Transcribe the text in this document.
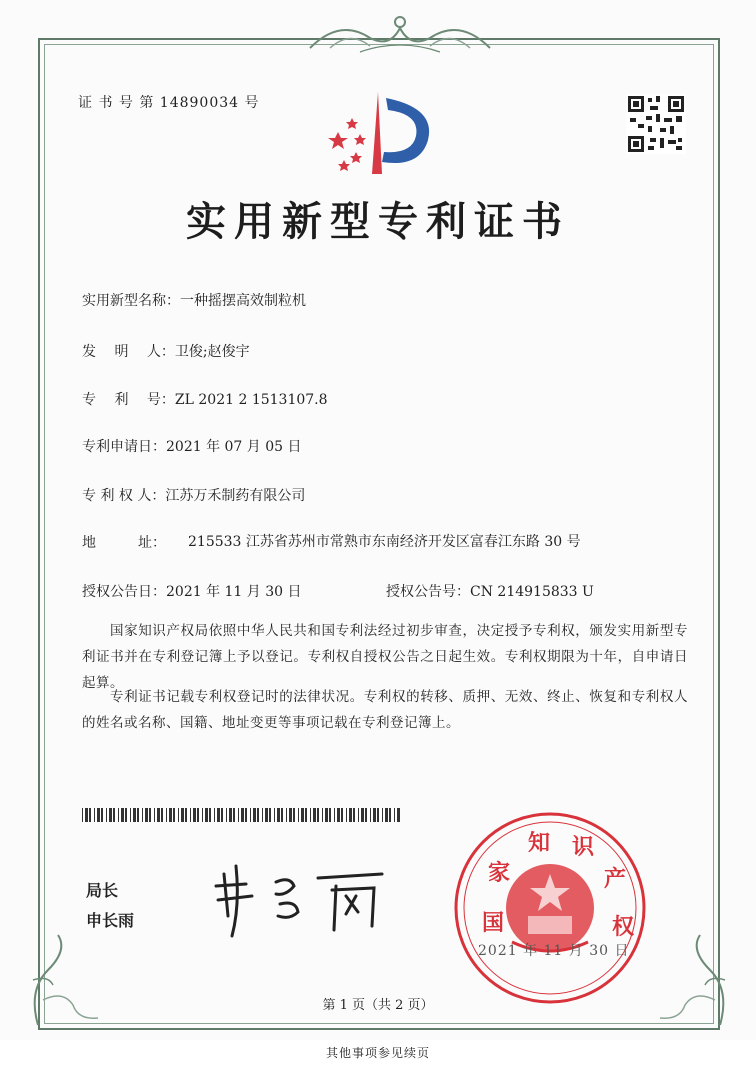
证 书 号 第 14890034 号
实用新型专利证书
实用新型名称：一种摇摆高效制粒机
发　 明　 人：卫俊;赵俊宇
专　 利　 号：ZL 2021 2 1513107.8
专利申请日：2021 年 07 月 05 日
专 利 权 人：江苏万禾制药有限公司
地　　　址： 215533 江苏省苏州市常熟市东南经济开发区富春江东路 30 号
授权公告日：2021 年 11 月 30 日	授权公告号：CN 214915833 U
国家知识产权局依照中华人民共和国专利法经过初步审查，决定授予专利权，颁发实用新型专利证书并在专利登记簿上予以登记。专利权自授权公告之日起生效。专利权期限为十年，自申请日起算。
专利证书记载专利权登记时的法律状况。专利权的转移、质押、无效、终止、恢复和专利权人的姓名或名称、国籍、地址变更等事项记载在专利登记簿上。
局长
申长雨	国
家
知 识
产
权
2021 年 11 月 30 日
第 1 页（共 2 页）
其他事项参见续页
